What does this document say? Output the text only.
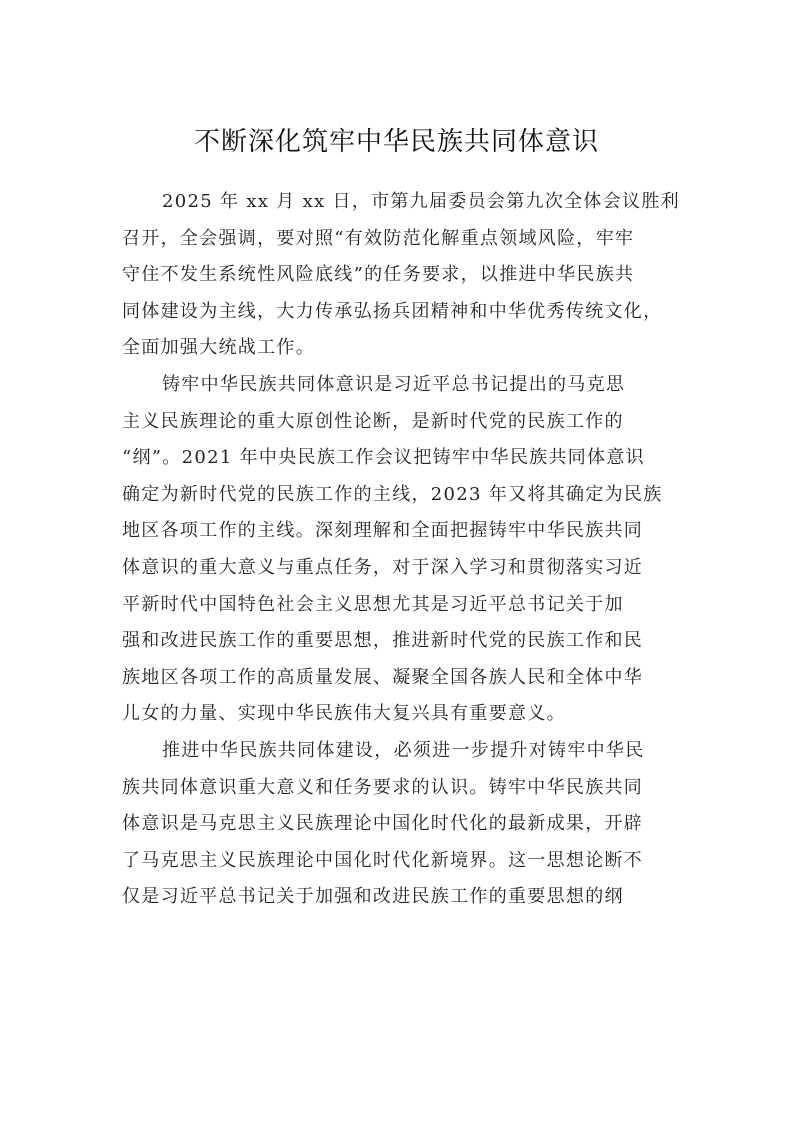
不断深化筑牢中华民族共同体意识
2025 年 xx 月 xx 日，市第九届委员会第九次全体会议胜利
召开，全会强调，要对照“有效防范化解重点领域风险，牢牢
守住不发生系统性风险底线”的任务要求，以推进中华民族共
同体建设为主线，大力传承弘扬兵团精神和中华优秀传统文化，
全面加强大统战工作。
铸牢中华民族共同体意识是习近平总书记提出的马克思
主义民族理论的重大原创性论断，是新时代党的民族工作的
“纲”。2021 年中央民族工作会议把铸牢中华民族共同体意识
确定为新时代党的民族工作的主线，2023 年又将其确定为民族
地区各项工作的主线。深刻理解和全面把握铸牢中华民族共同
体意识的重大意义与重点任务，对于深入学习和贯彻落实习近
平新时代中国特色社会主义思想尤其是习近平总书记关于加
强和改进民族工作的重要思想，推进新时代党的民族工作和民
族地区各项工作的高质量发展、凝聚全国各族人民和全体中华
儿女的力量、实现中华民族伟大复兴具有重要意义。
推进中华民族共同体建设，必须进一步提升对铸牢中华民
族共同体意识重大意义和任务要求的认识。铸牢中华民族共同
体意识是马克思主义民族理论中国化时代化的最新成果，开辟
了马克思主义民族理论中国化时代化新境界。这一思想论断不
仅是习近平总书记关于加强和改进民族工作的重要思想的纲
